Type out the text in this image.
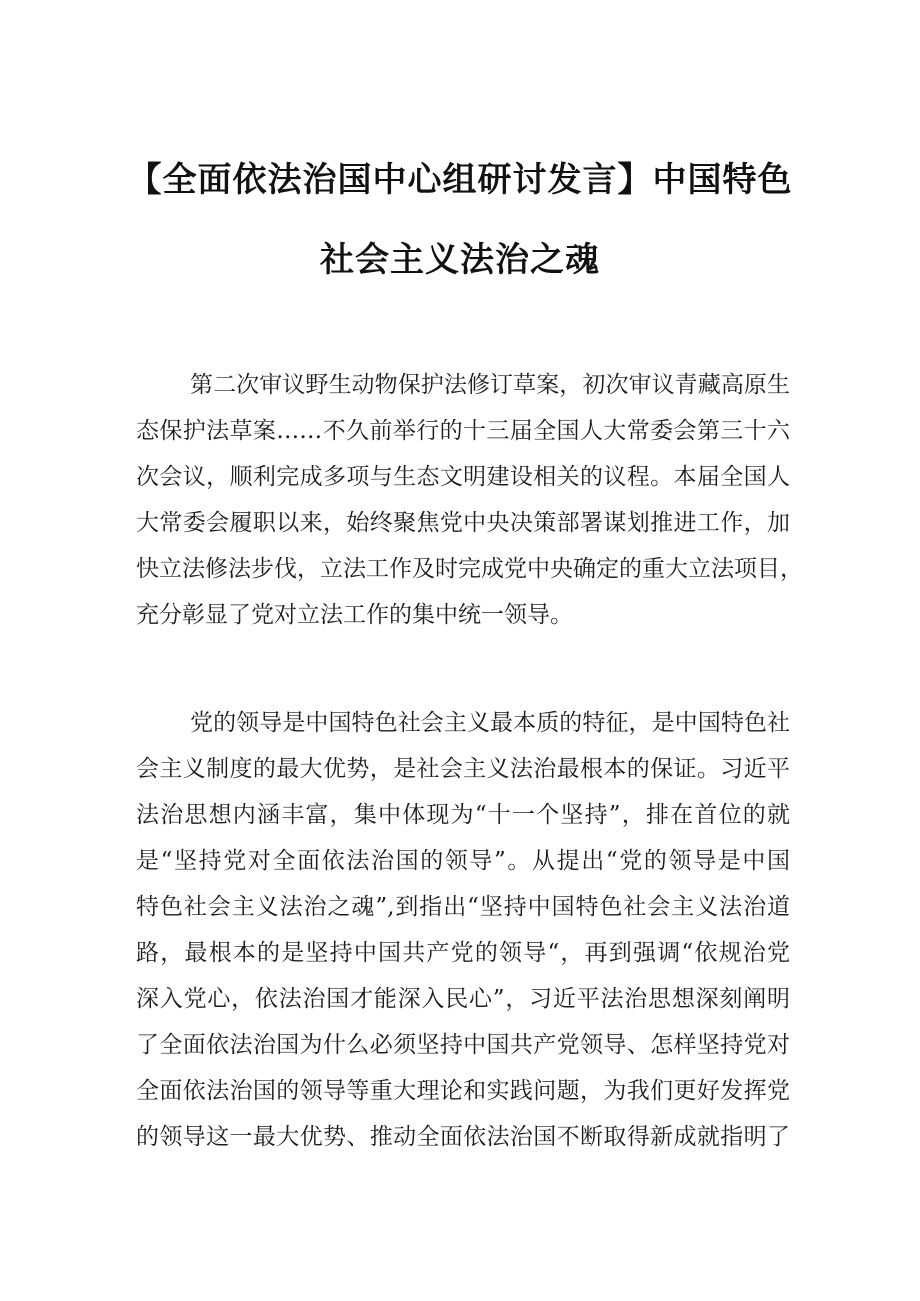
【全面依法治国中心组研讨发言】中国特色
社会主义法治之魂
第二次审议野生动物保护法修订草案，初次审议青藏高原生
态保护法草案……不久前举行的十三届全国人大常委会第三十六
次会议，顺利完成多项与生态文明建设相关的议程。本届全国人
大常委会履职以来，始终聚焦党中央决策部署谋划推进工作，加
快立法修法步伐，立法工作及时完成党中央确定的重大立法项目，
充分彰显了党对立法工作的集中统一领导。
党的领导是中国特色社会主义最本质的特征，是中国特色社
会主义制度的最大优势，是社会主义法治最根本的保证。习近平
法治思想内涵丰富，集中体现为“十一个坚持”，排在首位的就
是“坚持党对全面依法治国的领导”。从提出“党的领导是中国
特色社会主义法治之魂”,到指出“坚持中国特色社会主义法治道
路，最根本的是坚持中国共产党的领导“，再到强调“依规治党
深入党心，依法治国才能深入民心”，习近平法治思想深刻阐明
了全面依法治国为什么必须坚持中国共产党领导、怎样坚持党对
全面依法治国的领导等重大理论和实践问题，为我们更好发挥党
的领导这一最大优势、推动全面依法治国不断取得新成就指明了
